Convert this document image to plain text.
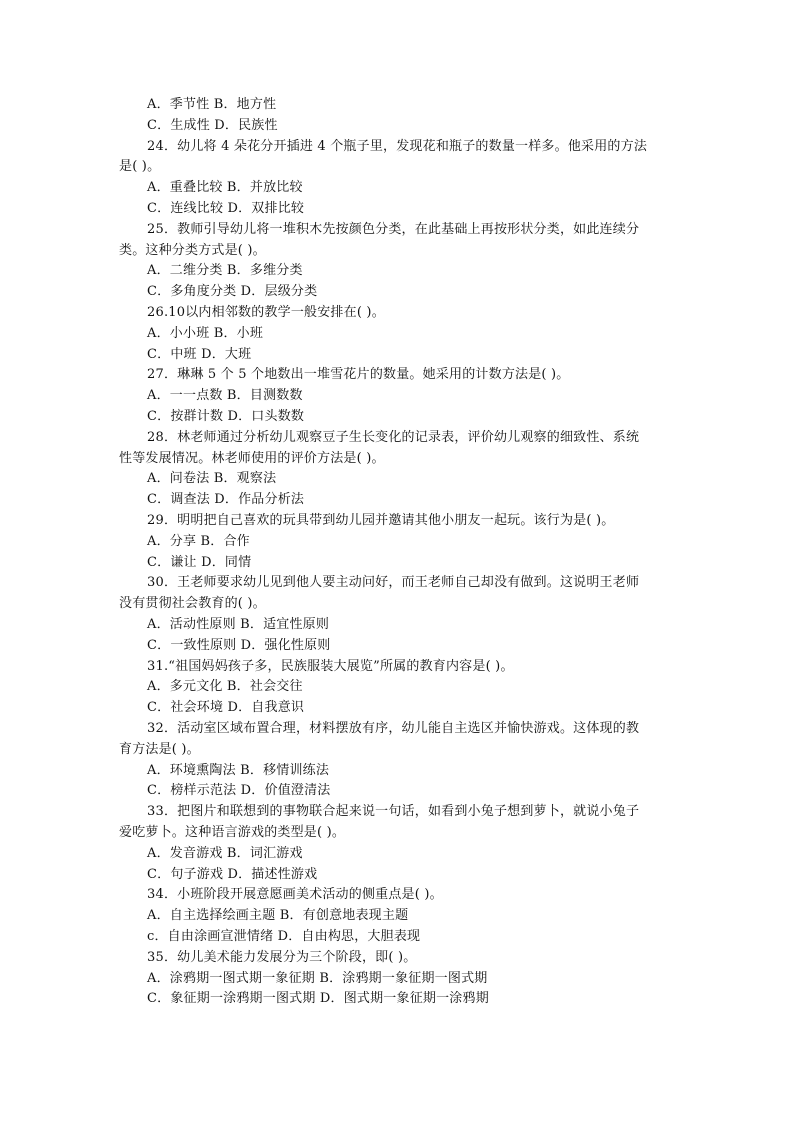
A．季节性 B．地方性
C．生成性 D．民族性
24．幼儿将 4 朵花分开插进 4 个瓶子里，发现花和瓶子的数量一样多。他采用的方法
是( )。
A．重叠比较 B．并放比较
C．连线比较 D．双排比较
25．教师引导幼儿将一堆积木先按颜色分类，在此基础上再按形状分类，如此连续分
类。这种分类方式是( )。
A．二维分类 B．多维分类
C．多角度分类 D．层级分类
26.10以内相邻数的教学一般安排在( )。
A．小小班 B．小班
C．中班 D．大班
27．琳琳 5 个 5 个地数出一堆雪花片的数量。她采用的计数方法是( )。
A．一一点数 B．目测数数
C．按群计数 D．口头数数
28．林老师通过分析幼儿观察豆子生长变化的记录表，评价幼儿观察的细致性、系统
性等发展情况。林老师使用的评价方法是( )。
A．问卷法 B．观察法
C．调查法 D．作品分析法
29．明明把自己喜欢的玩具带到幼儿园并邀请其他小朋友一起玩。该行为是( )。
A．分享 B．合作
C．谦让 D．同情
30．王老师要求幼儿见到他人要主动问好，而王老师自己却没有做到。这说明王老师
没有贯彻社会教育的( )。
A．活动性原则 B．适宜性原则
C．一致性原则 D．强化性原则
31.“祖国妈妈孩子多，民族服装大展览”所属的教育内容是( )。
A．多元文化 B．社会交往
C．社会环境 D．自我意识
32．活动室区域布置合理，材料摆放有序，幼儿能自主选区并愉快游戏。这体现的教
育方法是( )。
A．环境熏陶法 B．移情训练法
C．榜样示范法 D．价值澄清法
33．把图片和联想到的事物联合起来说一句话，如看到小兔子想到萝卜，就说小兔子
爱吃萝卜。这种语言游戏的类型是( )。
A．发音游戏 B．词汇游戏
C．句子游戏 D．描述性游戏
34．小班阶段开展意愿画美术活动的侧重点是( )。
A．自主选择绘画主题 B．有创意地表现主题
c．自由涂画宣泄情绪 D．自由构思，大胆表现
35．幼儿美术能力发展分为三个阶段，即( )。
A．涂鸦期一图式期一象征期 B．涂鸦期一象征期一图式期
C．象征期一涂鸦期一图式期 D．图式期一象征期一涂鸦期
